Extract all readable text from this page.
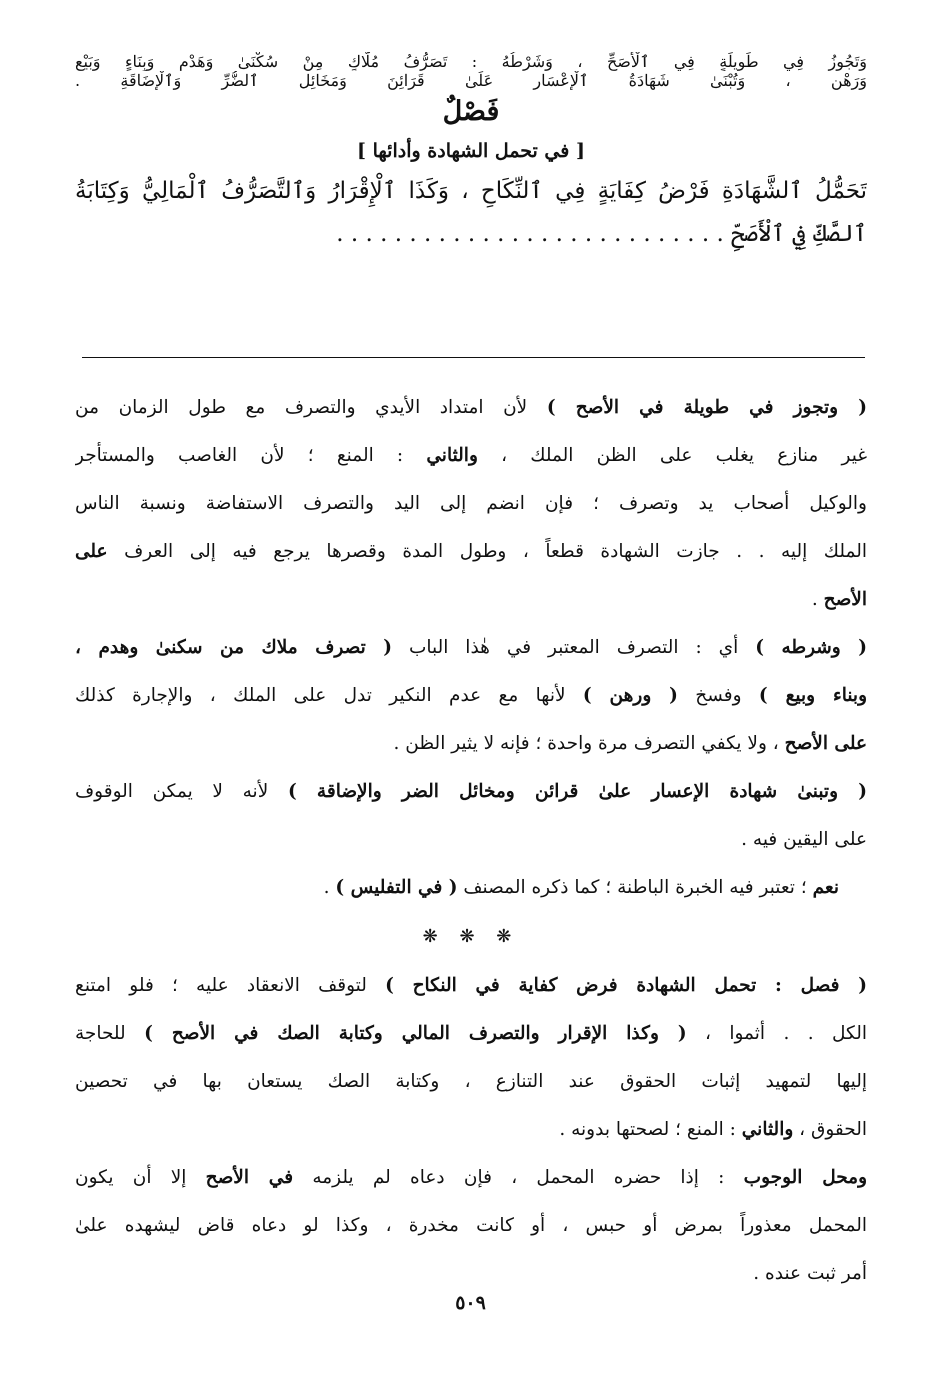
وَتَجُوزُ فِي طَوِيلَةٍ فِي ٱلْأَصَحِّ ، وَشَرْطُهُ : تَصَرُّفُ مُلَّاكٍ مِنْ سُكْنَىٰ وَهَدْمٍ وَبِنَاءٍ وَبَيْعٍ
وَرَهْنٍ ، وَتُبْنَىٰ شَهَادَةُ ٱلْإِعْسَارِ عَلَىٰ قَرَائِنَ وَمَخَائِلِ ٱلضُّرِّ وَٱلْإِضَاقَةِ .
فَصْلٌ
[ في تحمل الشهادة وأدائها ]
تَحَمُّلُ ٱلشَّهَادَةِ فَرْضُ كِفَايَةٍ فِي ٱلنِّكَاحِ ، وَكَذَا ٱلْإِقْرَارُ وَٱلتَّصَرُّفُ ٱلْمَالِيُّ وَكِتَابَةُ
ٱلصَّكِّ فِي ٱلْأَصَحِّ . . . . . . . . . . . . . . . . . . . . . . . . . . .
( وتجوز في طويلة في الأصح ) لأن امتداد الأيدي والتصرف مع طول الزمان من
غير منازع يغلب على الظن الملك ، والثاني : المنع ؛ لأن الغاصب والمستأجر
والوكيل أصحاب يد وتصرف ؛ فإن انضم إلى اليد والتصرف الاستفاضة ونسبة الناس
الملك إليه . . جازت الشهادة قطعاً ، وطول المدة وقصرها يرجع فيه إلى العرف على
الأصح .
( وشرطه ) أي : التصرف المعتبر في هٰذا الباب ( تصرف ملاك من سكنىٰ وهدم ،
وبناء وبيع ) وفسخ ( ورهن ) لأنها مع عدم النكير تدل على الملك ، والإجارة كذلك
على الأصح ، ولا يكفي التصرف مرة واحدة ؛ فإنه لا يثير الظن .
( وتبنىٰ شهادة الإعسار علىٰ قرائن ومخائل الضر والإضاقة ) لأنه لا يمكن الوقوف
على اليقين فيه .
نعم ؛ تعتبر فيه الخبرة الباطنة ؛ كما ذكره المصنف ( في التفليس ) .
❋ ❋ ❋
( فصل : تحمل الشهادة فرض كفاية في النكاح ) لتوقف الانعقاد عليه ؛ فلو امتنع
الكل . . أثموا ، ( وكذا الإقرار والتصرف المالي وكتابة الصك في الأصح ) للحاجة
إليها لتمهيد إثبات الحقوق عند التنازع ، وكتابة الصك يستعان بها في تحصين
الحقوق ، والثاني : المنع ؛ لصحتها بدونه .
ومحل الوجوب : إذا حضره المحمل ، فإن دعاه لم يلزمه في الأصح إلا أن يكون
المحمل معذوراً بمرض أو حبس ، أو كانت مخدرة ، وكذا لو دعاه قاض ليشهده علىٰ
أمر ثبت عنده .
٥٠٩
